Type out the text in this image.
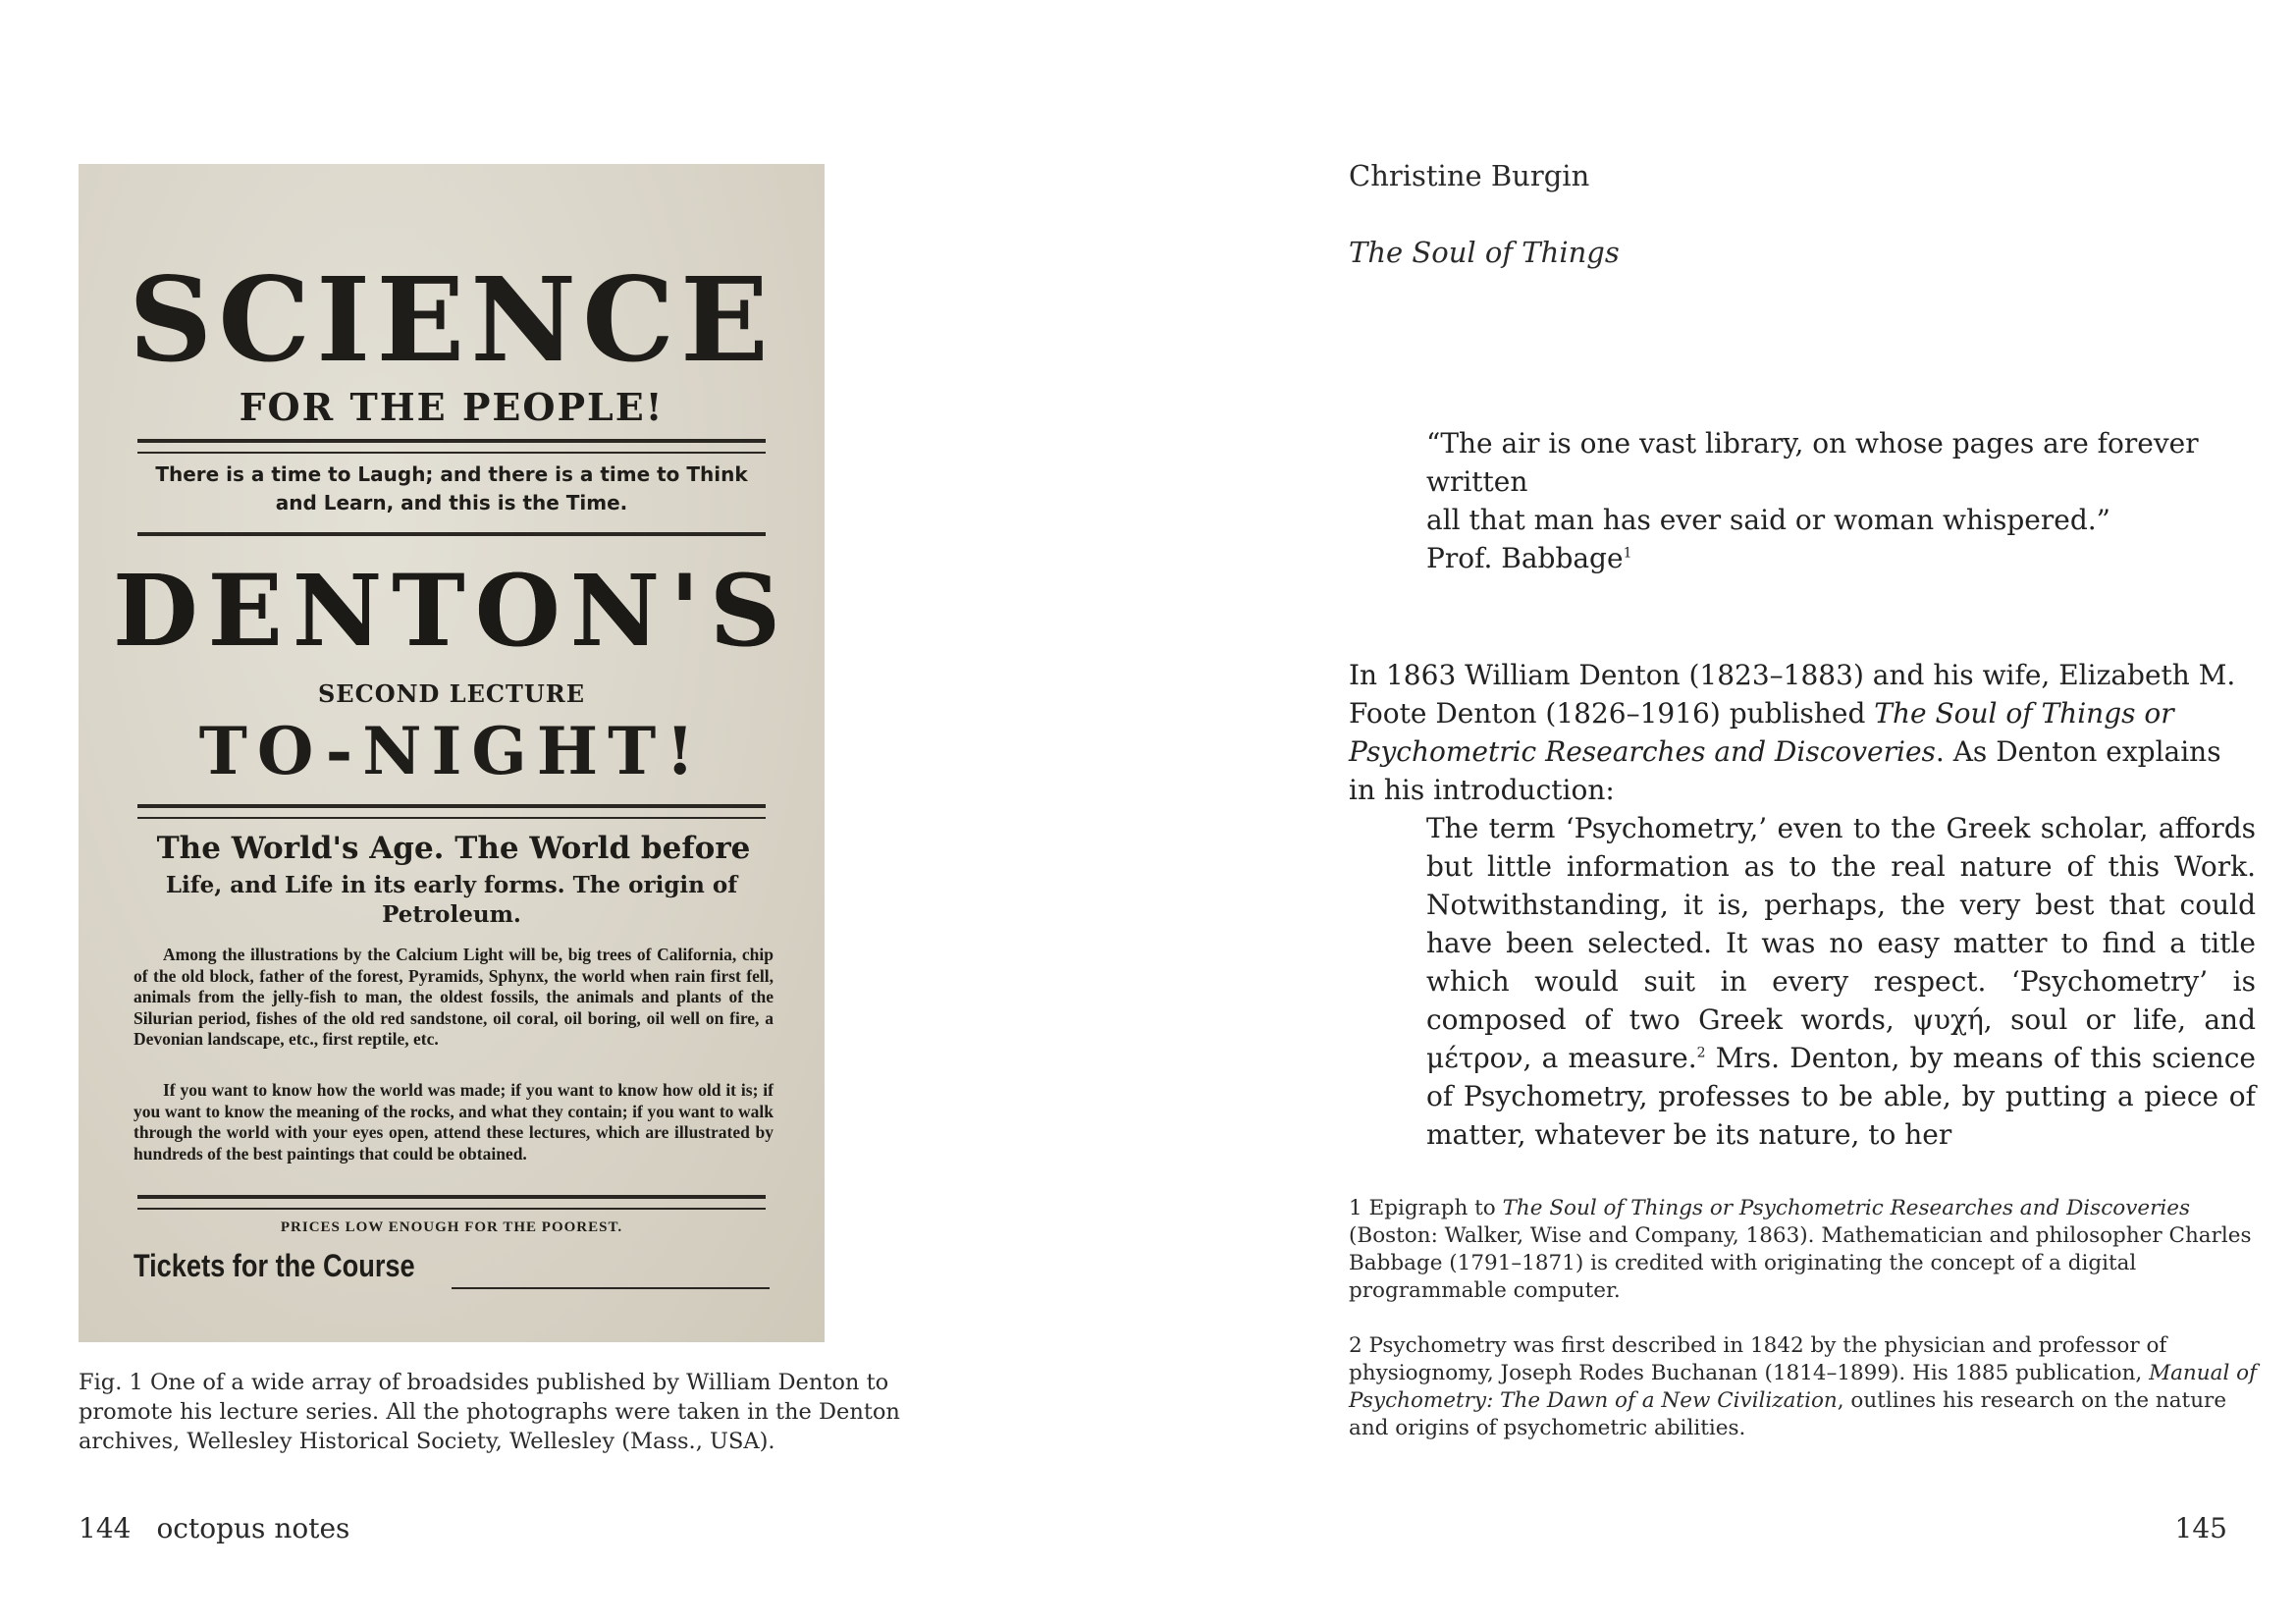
SCIENCE
FOR THE PEOPLE!
There is a time to Laugh; and there is a time to Think and Learn, and this is the Time.
DENTON'S
SECOND LECTURE
TO-NIGHT!
The World's Age. The World before
Life, and Life in its early forms. The origin of Petroleum.
Among the illustrations by the Calcium Light will be, big trees of California, chip of the old block, father of the forest, Pyramids, Sphynx, the world when rain first fell, animals from the jelly-fish to man, the oldest fossils, the animals and plants of the Silurian period, fishes of the old red sandstone, oil coral, oil boring, oil well on fire, a Devonian landscape, etc., first reptile, etc.
If you want to know how the world was made; if you want to know how old it is; if you want to know the meaning of the rocks, and what they contain; if you want to walk through the world with your eyes open, attend these lectures, which are illustrated by hundreds of the best paintings that could be obtained.
PRICES LOW ENOUGH FOR THE POOREST.
Tickets for the Course
Fig. 1 One of a wide array of broadsides published by William Denton to promote his lecture series. All the photographs were taken in the Denton archives, Wellesley Historical Society, Wellesley (Mass., USA).
144 octopus notes
Christine Burgin
The Soul of Things
“The air is one vast library, on whose pages are forever written
all that man has ever said or woman whispered.”
Prof. Babbage$^1$
In 1863 William Denton (1823–1883) and his wife, Elizabeth M. Foote Denton (1826–1916) published The Soul of Things or Psychometric Researches and Discoveries. As Denton explains in his introduction:
The term ‘Psychometry,’ even to the Greek scholar, affords but little information as to the real nature of this Work. Notwithstanding, it is, perhaps, the very best that could have been selected. It was no easy matter to find a title which would suit in every respect. ‘Psychometry’ is composed of two Greek words, ψυχή, soul or life, and μέτρον, a measure.$^2$ Mrs. Denton, by means of this science of Psychometry, professes to be able, by putting a piece of matter, whatever be its nature, to her
1 Epigraph to The Soul of Things or Psychometric Researches and Discoveries (Boston: Walker, Wise and Company, 1863). Mathematician and philosopher Charles Babbage (1791–1871) is credited with originating the concept of a digital programmable computer.
2 Psychometry was first described in 1842 by the physician and professor of physiognomy, Joseph Rodes Buchanan (1814–1899). His 1885 publication, Manual of Psychometry: The Dawn of a New Civilization, outlines his research on the nature and origins of psychometric abilities.
145
